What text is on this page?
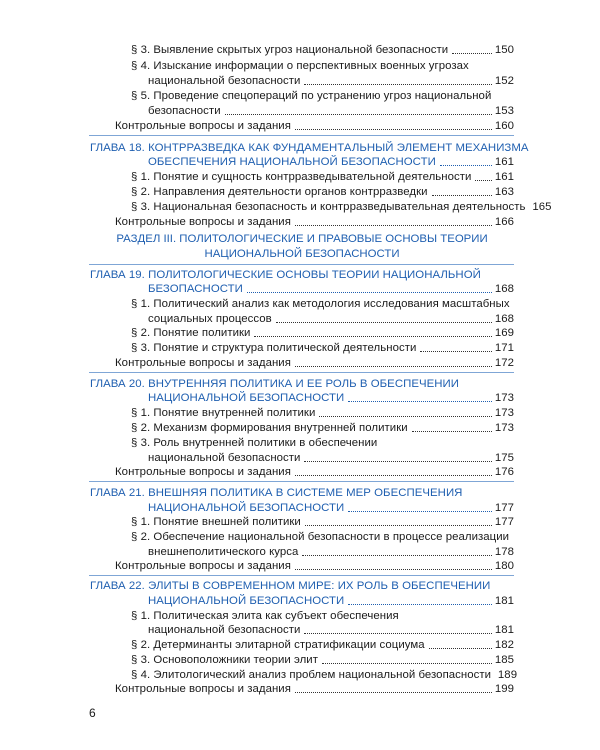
§ 3. Выявление скрытых угроз национальной безопасности	150
§ 4. Изыскание информации о перспективных военных угрозах
национальной безопасности	152
§ 5. Проведение спецопераций по устранению угроз национальной
безопасности	153
Контрольные вопросы и задания	160
ГЛАВА 18. КОНТРРАЗВЕДКА КАК ФУНДАМЕНТАЛЬНЫЙ ЭЛЕМЕНТ МЕХАНИЗМА
ОБЕСПЕЧЕНИЯ НАЦИОНАЛЬНОЙ БЕЗОПАСНОСТИ	161
§ 1. Понятие и сущность контрразведывательной деятельности 161
§ 2. Направления деятельности органов контрразведки	163
§ 3. Национальная безопасность и контрразведывательная деятельность 165
Контрольные вопросы и задания	166
РАЗДЕЛ III. ПОЛИТОЛОГИЧЕСКИЕ И ПРАВОВЫЕ ОСНОВЫ ТЕОРИИ
НАЦИОНАЛЬНОЙ БЕЗОПАСНОСТИ
ГЛАВА 19. ПОЛИТОЛОГИЧЕСКИЕ ОСНОВЫ ТЕОРИИ НАЦИОНАЛЬНОЙ
БЕЗОПАСНОСТИ	168
§ 1. Политический анализ как методология исследования масштабных
социальных процессов	168
§ 2. Понятие политики	169
§ 3. Понятие и структура политической деятельности	171
Контрольные вопросы и задания	172
ГЛАВА 20. ВНУТРЕННЯЯ ПОЛИТИКА И ЕЕ РОЛЬ В ОБЕСПЕЧЕНИИ
НАЦИОНАЛЬНОЙ БЕЗОПАСНОСТИ	173
§ 1. Понятие внутренней политики	173
§ 2. Механизм формирования внутренней политики	173
§ 3. Роль внутренней политики в обеспечении
национальной безопасности	175
Контрольные вопросы и задания	176
ГЛАВА 21. ВНЕШНЯЯ ПОЛИТИКА В СИСТЕМЕ МЕР ОБЕСПЕЧЕНИЯ
НАЦИОНАЛЬНОЙ БЕЗОПАСНОСТИ	177
§ 1. Понятие внешней политики	177
§ 2. Обеспечение национальной безопасности в процессе реализации
внешнеполитического курса	178
Контрольные вопросы и задания	180
ГЛАВА 22. ЭЛИТЫ В СОВРЕМЕННОМ МИРЕ: ИХ РОЛЬ В ОБЕСПЕЧЕНИИ
НАЦИОНАЛЬНОЙ БЕЗОПАСНОСТИ	181
§ 1. Политическая элита как субъект обеспечения
национальной безопасности	181
§ 2. Детерминанты элитарной стратификации социума	182
§ 3. Основоположники теории элит	185
§ 4. Элитологический анализ проблем национальной безопасности 189
Контрольные вопросы и задания	199
6
